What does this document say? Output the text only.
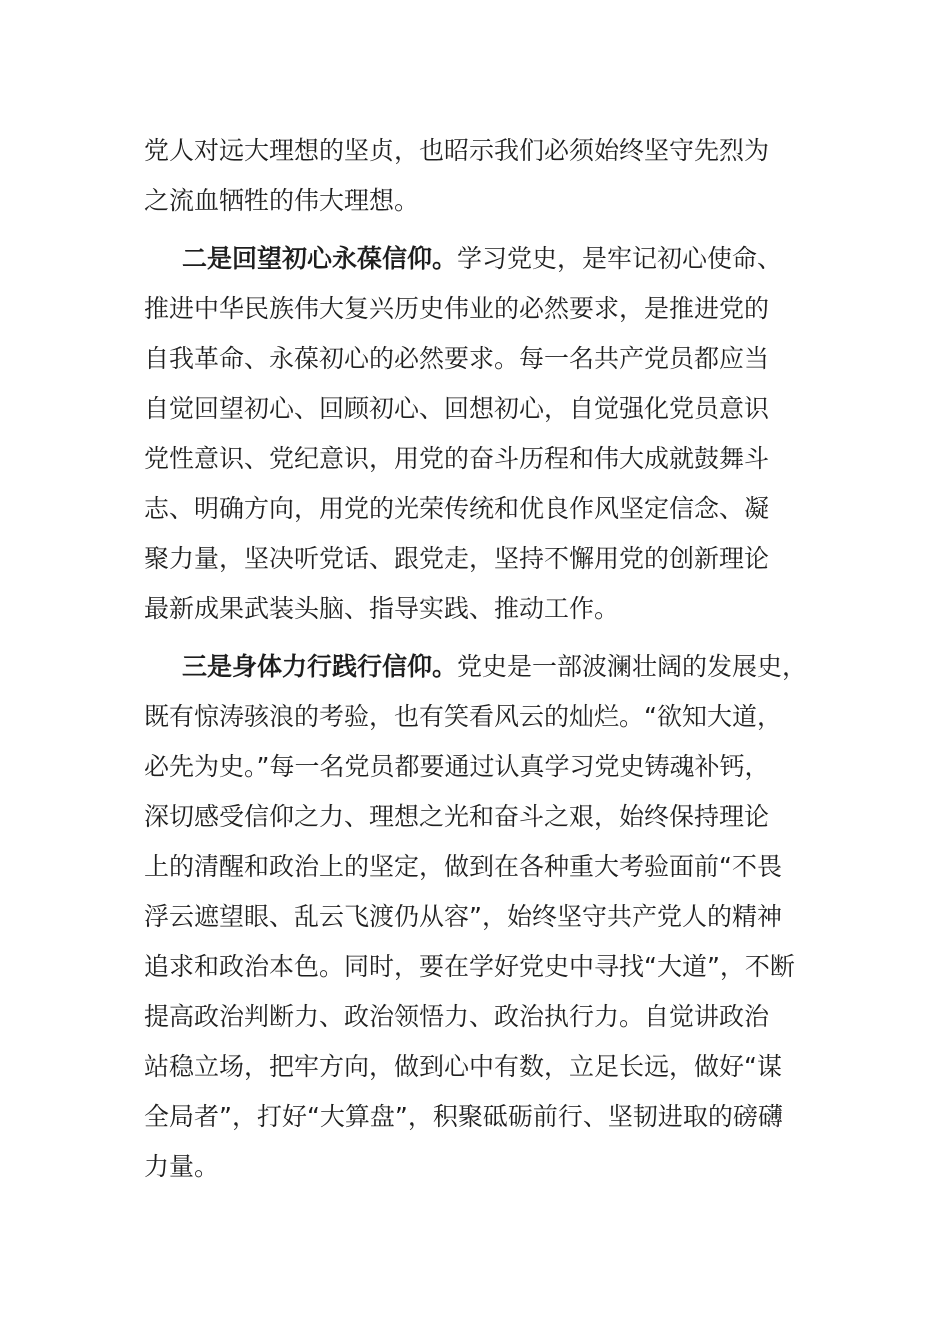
党人对远大理想的坚贞，也昭示我们必须始终坚守先烈为
之流血牺牲的伟大理想。
二是回望初心永葆信仰。学习党史，是牢记初心使命、
推进中华民族伟大复兴历史伟业的必然要求，是推进党的
自我革命、永葆初心的必然要求。每一名共产党员都应当
自觉回望初心、回顾初心、回想初心，自觉强化党员意识
党性意识、党纪意识，用党的奋斗历程和伟大成就鼓舞斗
志、明确方向，用党的光荣传统和优良作风坚定信念、凝
聚力量，坚决听党话、跟党走，坚持不懈用党的创新理论
最新成果武装头脑、指导实践、推动工作。
三是身体力行践行信仰。党史是一部波澜壮阔的发展史，
既有惊涛骇浪的考验，也有笑看风云的灿烂。“欲知大道，
必先为史。”每一名党员都要通过认真学习党史铸魂补钙，
深切感受信仰之力、理想之光和奋斗之艰，始终保持理论
上的清醒和政治上的坚定，做到在各种重大考验面前“不畏
浮云遮望眼、乱云飞渡仍从容”，始终坚守共产党人的精神
追求和政治本色。同时，要在学好党史中寻找“大道”，不断
提高政治判断力、政治领悟力、政治执行力。自觉讲政治
站稳立场，把牢方向，做到心中有数，立足长远，做好“谋
全局者”，打好“大算盘”，积聚砥砺前行、坚韧进取的磅礴
力量。
